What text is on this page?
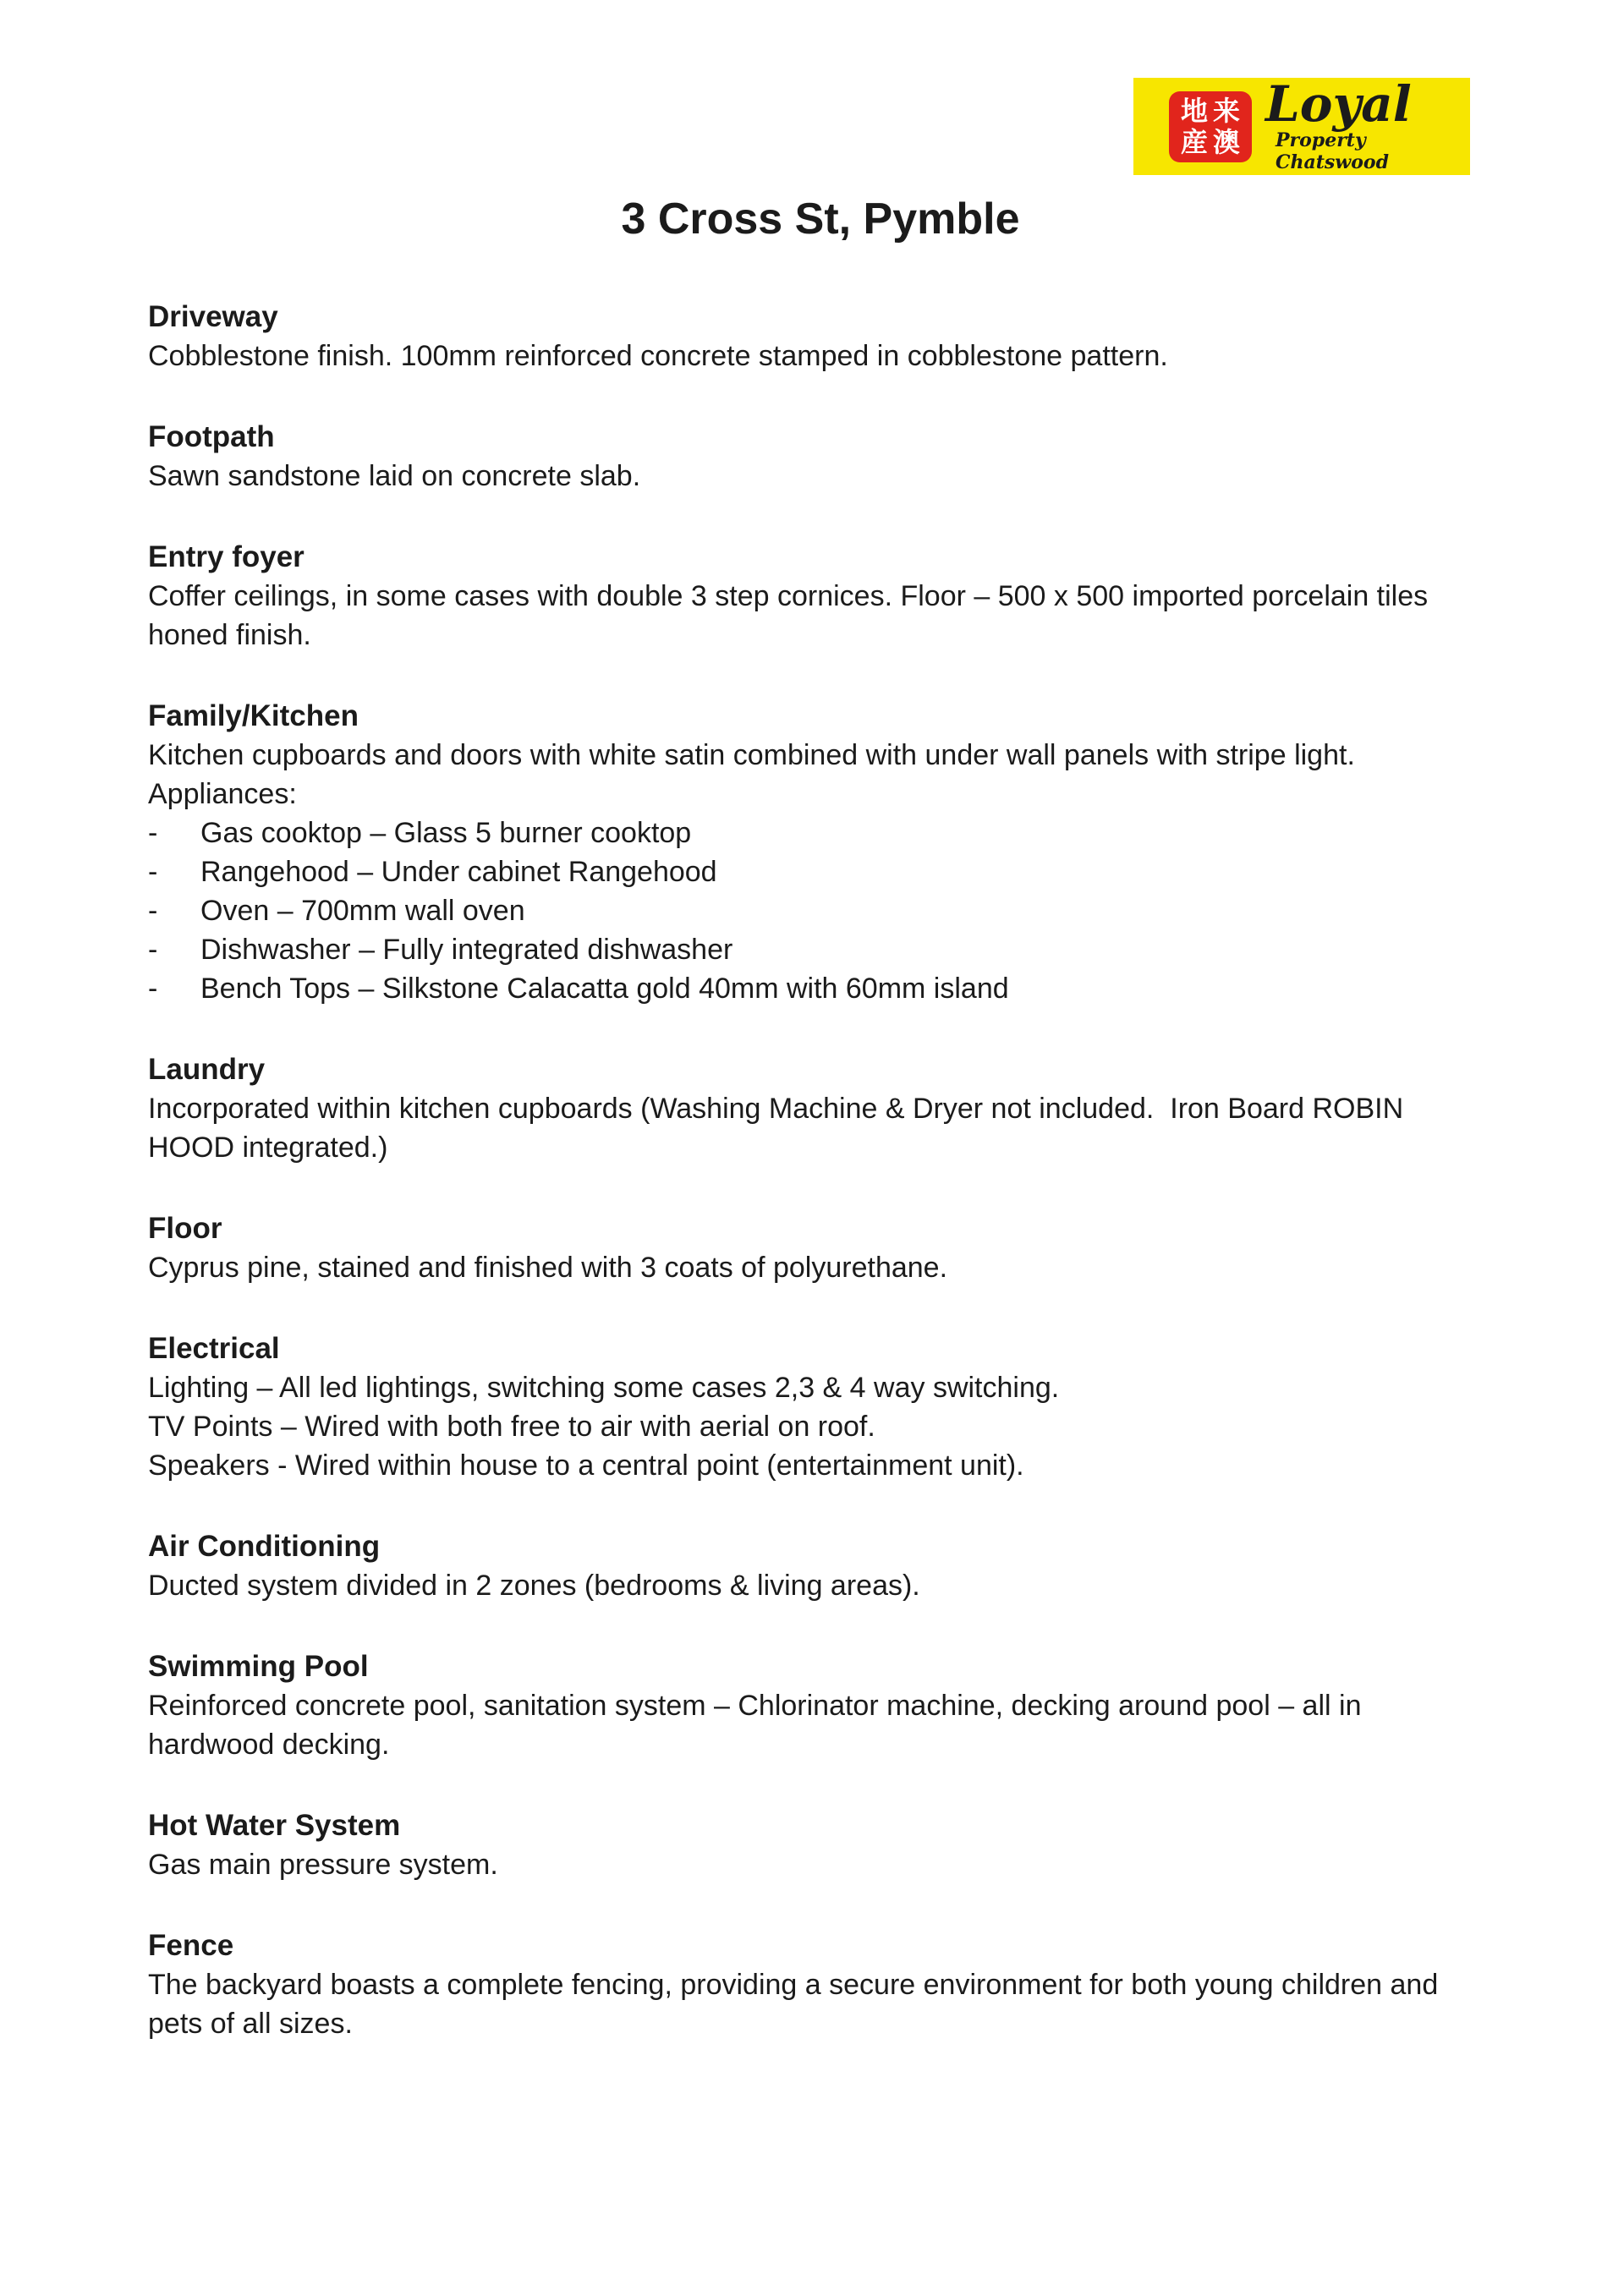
地来
産澳
Loyal
Property Chatswood
3 Cross St, Pymble
Driveway

Cobblestone finish. 100mm reinforced concrete stamped in cobblestone pattern.

Footpath

Sawn sandstone laid on concrete slab.

Entry foyer

Coffer ceilings, in some cases with double 3 step cornices. Floor – 500 x 500 imported porcelain tiles honed finish.

Family/Kitchen

Kitchen cupboards and doors with white satin combined with under wall panels with stripe light.

Appliances:

-	Gas cooktop – Glass 5 burner cooktop
-	Rangehood – Under cabinet Rangehood
-	Oven – 700mm wall oven
-	Dishwasher – Fully integrated dishwasher
-	Bench Tops – Silkstone Calacatta gold 40mm with 60mm island
Laundry

Incorporated within kitchen cupboards (Washing Machine & Dryer not included.  Iron Board ROBIN HOOD integrated.)

Floor

Cyprus pine, stained and finished with 3 coats of polyurethane.

Electrical

Lighting – All led lightings, switching some cases 2,3 & 4 way switching.

TV Points – Wired with both free to air with aerial on roof.

Speakers - Wired within house to a central point (entertainment unit).

Air Conditioning

Ducted system divided in 2 zones (bedrooms & living areas).

Swimming Pool

Reinforced concrete pool, sanitation system – Chlorinator machine, decking around pool – all in hardwood decking.

Hot Water System

Gas main pressure system.

Fence

The backyard boasts a complete fencing, providing a secure environment for both young children and pets of all sizes.
